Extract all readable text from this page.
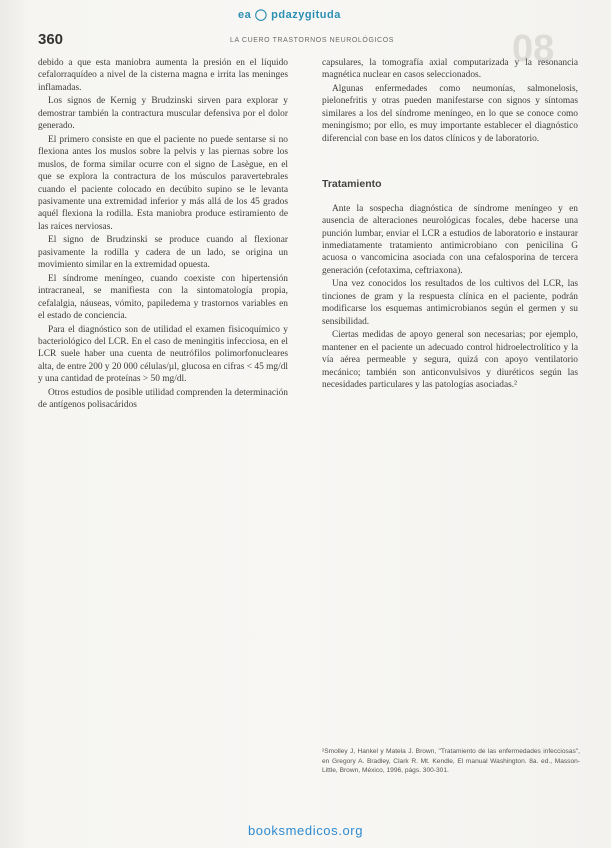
ea ◯ pdazygituda
360	LA CUERO TRASTORNOS NEUROLÓGICOS	08

debido a que esta maniobra aumenta la presión en el líquido cefalorraquídeo a nivel de la cisterna magna e irrita las meninges inflamadas.

Los signos de Kernig y Brudzinski sirven para explorar y demostrar también la contractura muscular defensiva por el dolor generado.

El primero consiste en que el paciente no puede sentarse si no flexiona antes los muslos sobre la pelvis y las piernas sobre los muslos, de forma similar ocurre con el signo de Lasègue, en el que se explora la contractura de los músculos paravertebrales cuando el paciente colocado en decúbito supino se le levanta pasivamente una extremidad inferior y más allá de los 45 grados aquél flexiona la rodilla. Esta maniobra produce estiramiento de las raíces nerviosas.

El signo de Brudzinski se produce cuando al flexionar pasivamente la rodilla y cadera de un lado, se origina un movimiento similar en la extremidad opuesta.

El síndrome meníngeo, cuando coexiste con hipertensión intracraneal, se manifiesta con la sintomatología propia, cefalalgia, náuseas, vómito, papiledema y trastornos variables en el estado de conciencia.

Para el diagnóstico son de utilidad el examen fisicoquímico y bacteriológico del LCR. En el caso de meningitis infecciosa, en el LCR suele haber una cuenta de neutrófilos polimorfonucleares alta, de entre 200 y 20 000 células/µl, glucosa en cifras < 45 mg/dl y una cantidad de proteínas > 50 mg/dl.

Otros estudios de posible utilidad comprenden la determinación de antígenos polisacáridos

capsulares, la tomografía axial computarizada y la resonancia magnética nuclear en casos seleccionados.

Algunas enfermedades como neumonías, salmonelosis, pielonefritis y otras pueden manifestarse con signos y síntomas similares a los del síndrome meníngeo, en lo que se conoce como meningismo; por ello, es muy importante establecer el diagnóstico diferencial con base en los datos clínicos y de laboratorio.

Tratamiento

Ante la sospecha diagnóstica de síndrome meníngeo y en ausencia de alteraciones neurológicas focales, debe hacerse una punción lumbar, enviar el LCR a estudios de laboratorio e instaurar inmediatamente tratamiento antimicrobiano con penicilina G acuosa o vancomicina asociada con una cefalosporina de tercera generación (cefotaxima, ceftriaxona).

Una vez conocidos los resultados de los cultivos del LCR, las tinciones de gram y la respuesta clínica en el paciente, podrán modificarse los esquemas antimicrobianos según el germen y su sensibilidad.

Ciertas medidas de apoyo general son necesarias; por ejemplo, mantener en el paciente un adecuado control hidroelectrolítico y la vía aérea permeable y segura, quizá con apoyo ventilatorio mecánico; también son anticonvulsivos y diuréticos según las necesidades particulares y las patologías asociadas.²

²Smolley J, Hankel y Matela J. Brown, "Tratamiento de las enfermedades infecciosas", en Gregory A. Bradley, Clark R. Mt. Kendle, El manual Washington. 8a. ed., Masson-Little, Brown, México, 1996, págs. 300-301.
booksmedicos.org
